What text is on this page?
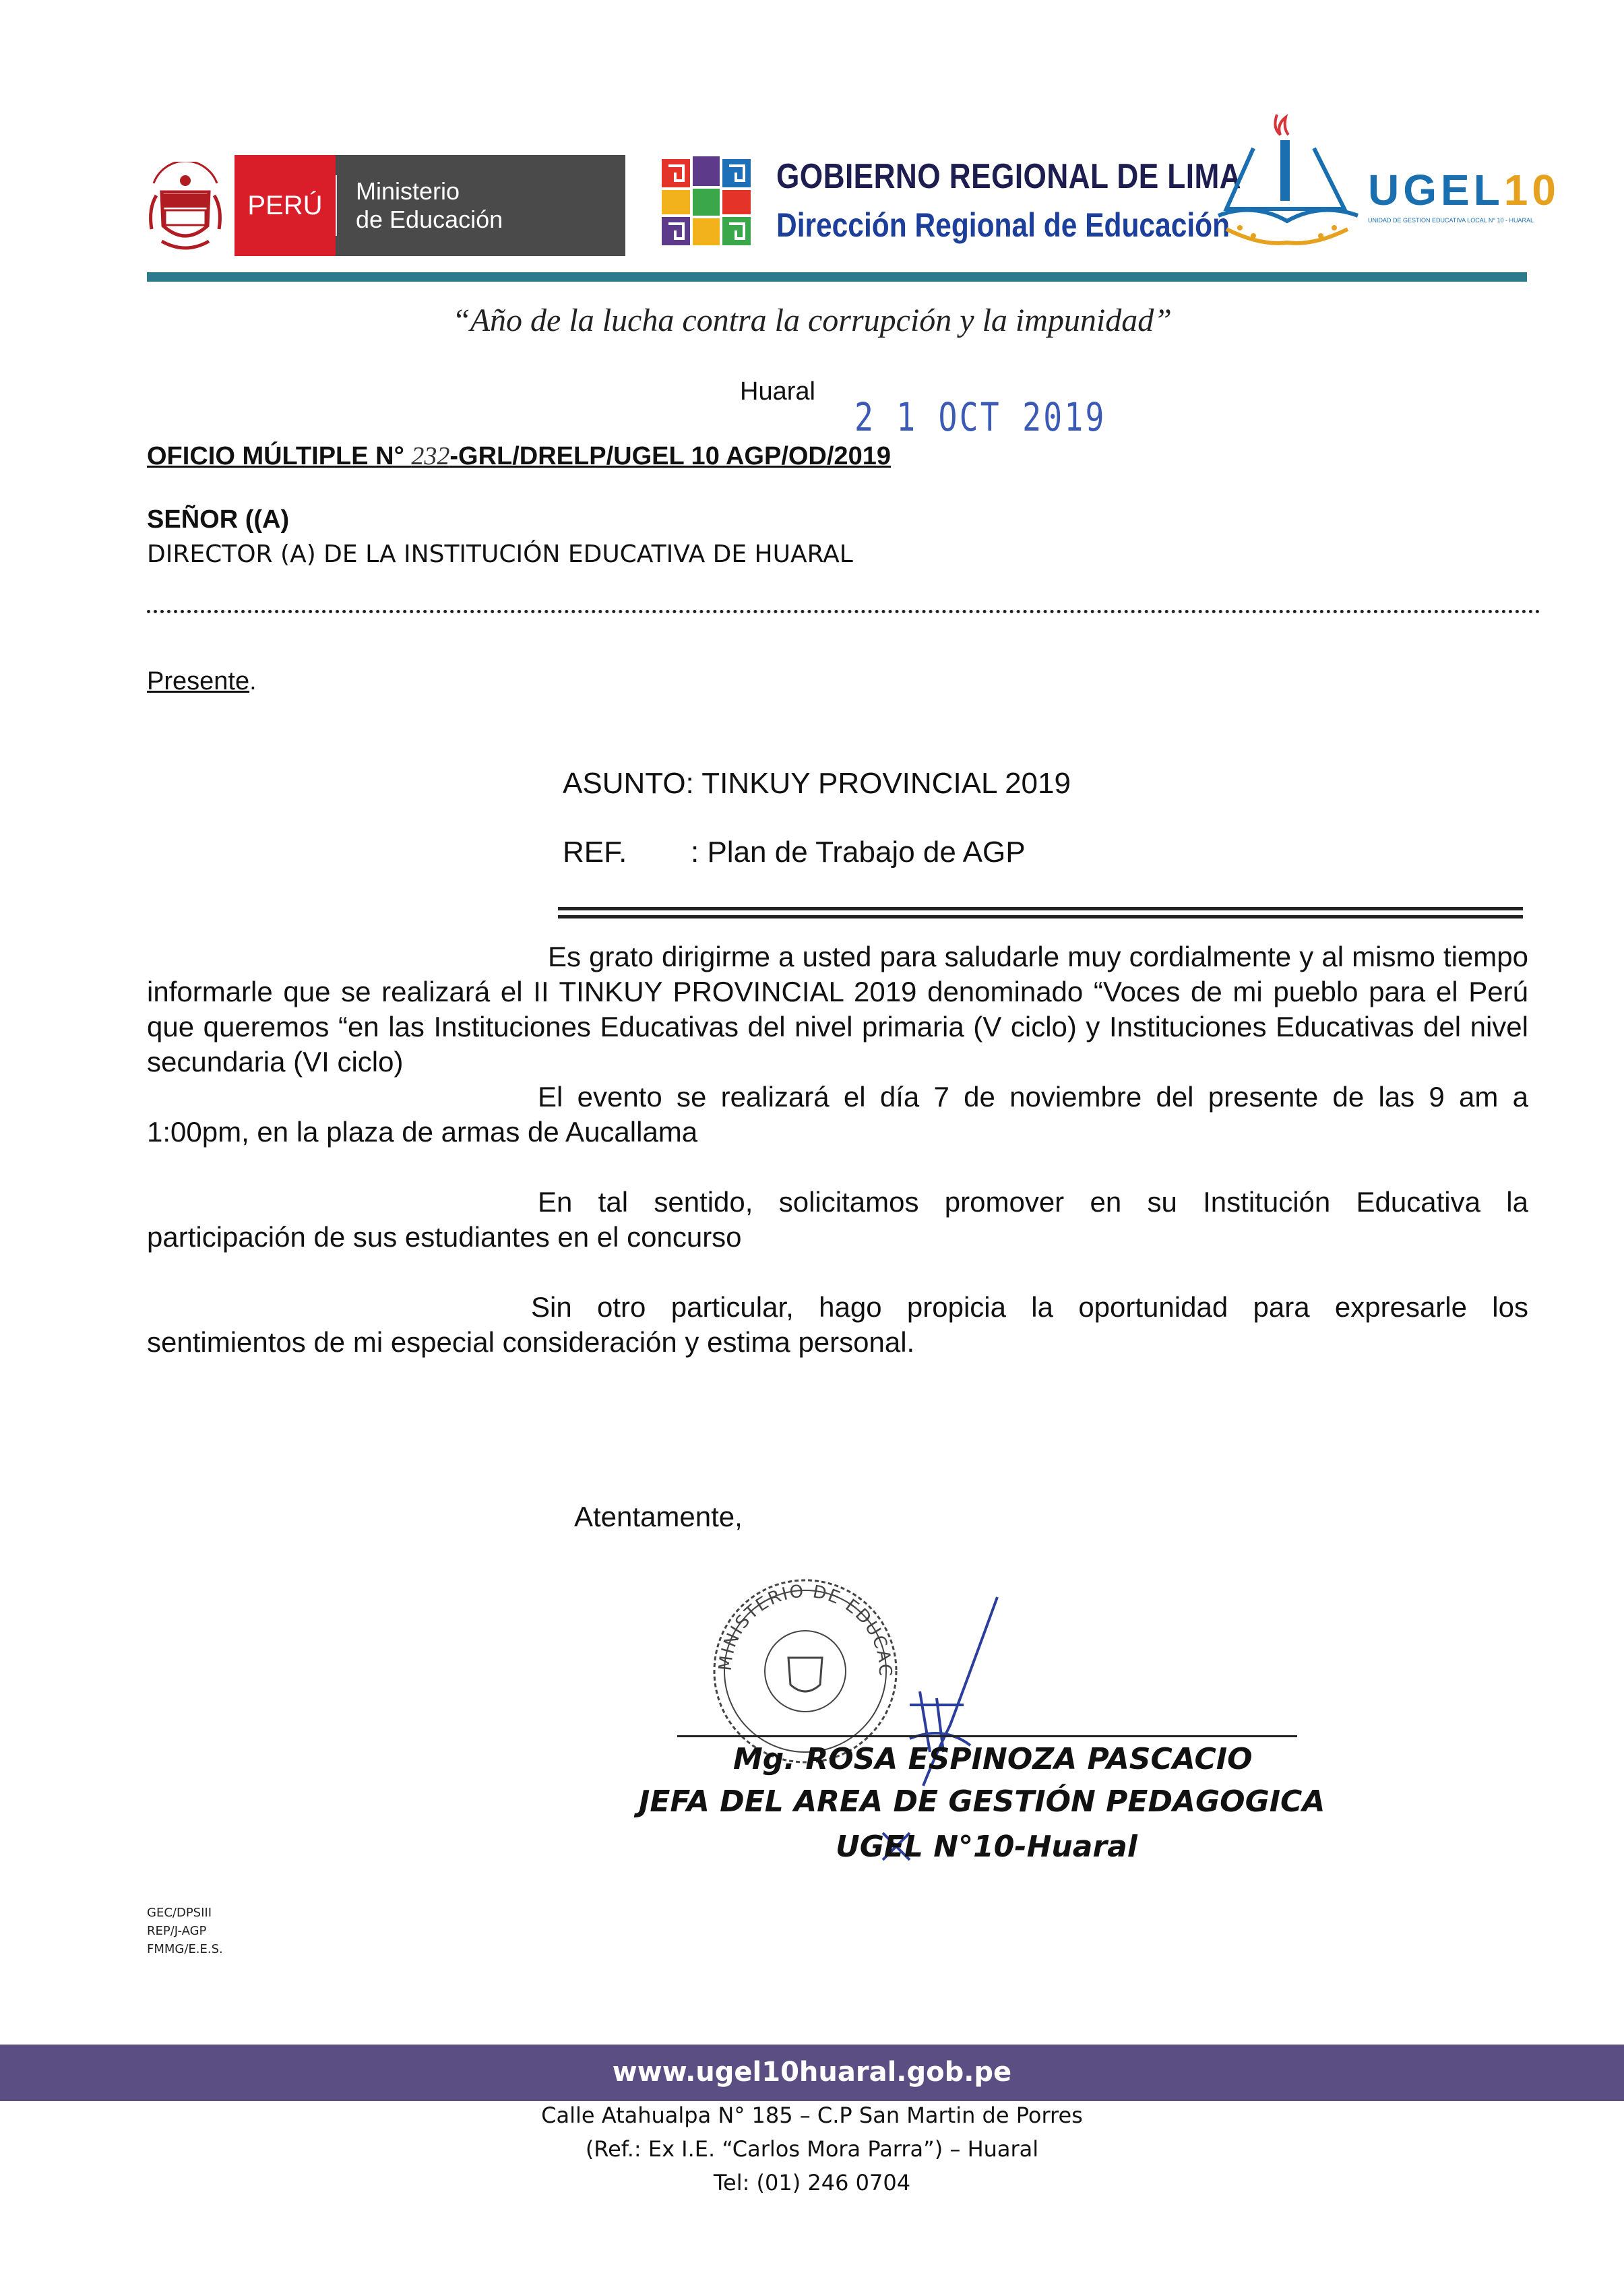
PERÚ Ministerio
de Educación
GOBIERNO REGIONAL DE LIMA
Dirección Regional de Educación
UGEL10
UNIDAD DE GESTION EDUCATIVA LOCAL N° 10 - HUARAL
“Año de la lucha contra la corrupción y la impunidad”
Huaral
2 1 OCT 2019
OFICIO MÚLTIPLE N° 232-GRL/DRELP/UGEL 10 AGP/OD/2019
SEÑOR ((A)
DIRECTOR (A) DE LA INSTITUCIÓN EDUCATIVA DE HUARAL
Presente.
ASUNTO: TINKUY PROVINCIAL 2019
REF. : Plan de Trabajo de AGP
Es grato dirigirme a usted para saludarle muy cordialmente y al mismo tiempo informarle que se realizará el II TINKUY PROVINCIAL 2019 denominado “Voces de mi pueblo para el Perú que queremos “en las Instituciones Educativas del nivel primaria (V ciclo) y Instituciones Educativas del nivel secundaria (VI ciclo)
El evento se realizará el día 7 de noviembre del presente de las 9 am a 1:00pm, en la plaza de armas de Aucallama
En tal sentido, solicitamos promover en su Institución Educativa la participación de sus estudiantes en el concurso
Sin otro particular, hago propicia la oportunidad para expresarle los sentimientos de mi especial consideración y estima personal.
Atentamente,
MINISTERIO DE EDUCAC
Mg. ROSA ESPINOZA PASCACIO
JEFA DEL AREA DE GESTIÓN PEDAGOGICA
UGEL N°10-Huaral
GEC/DPSIII
REP/J-AGP
FMMG/E.E.S.
www.ugel10huaral.gob.pe
Calle Atahualpa N° 185 – C.P San Martin de Porres
(Ref.: Ex I.E. “Carlos Mora Parra”) – Huaral
Tel: (01) 246 0704
